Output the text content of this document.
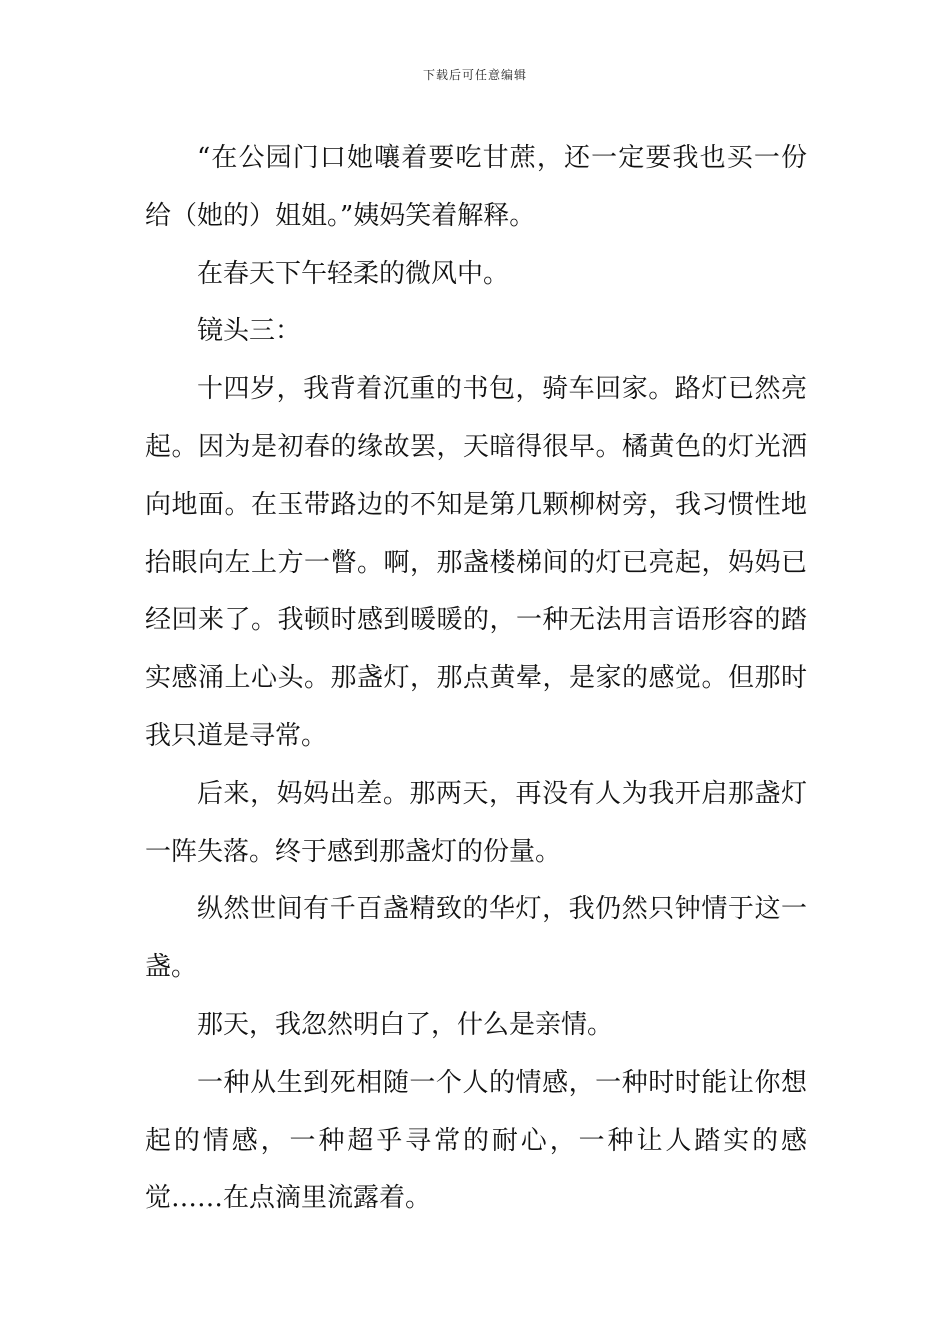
下载后可任意编辑

“在公园门口她嚷着要吃甘蔗，还一定要我也买一份给（她的）姐姐。”姨妈笑着解释。

在春天下午轻柔的微风中。

镜头三：

十四岁，我背着沉重的书包，骑车回家。路灯已然亮起。因为是初春的缘故罢，天暗得很早。橘黄色的灯光洒向地面。在玉带路边的不知是第几颗柳树旁，我习惯性地抬眼向左上方一瞥。啊，那盏楼梯间的灯已亮起，妈妈已经回来了。我顿时感到暖暖的，一种无法用言语形容的踏实感涌上心头。那盏灯，那点黄晕，是家的感觉。但那时我只道是寻常。

后来，妈妈出差。那两天，再没有人为我开启那盏灯一阵失落。终于感到那盏灯的份量。

纵然世间有千百盏精致的华灯，我仍然只钟情于这一盏。

那天，我忽然明白了，什么是亲情。

一种从生到死相随一个人的情感，一种时时能让你想起的情感，一种超乎寻常的耐心，一种让人踏实的感觉……在点滴里流露着。
